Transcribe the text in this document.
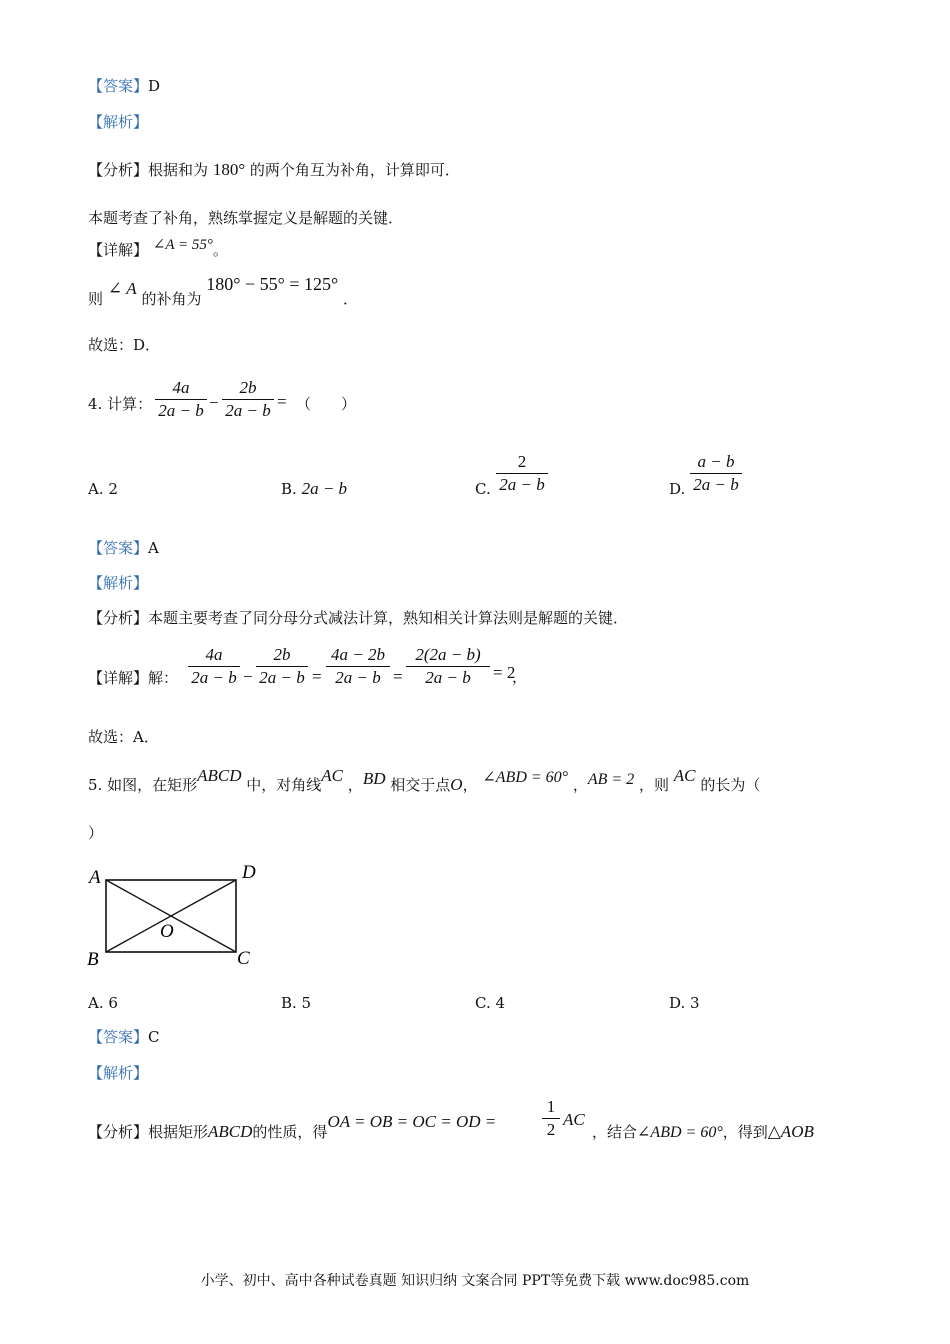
【答案】D
【解析】
【分析】根据和为 180° 的两个角互为补角，计算即可．
本题考查了补角，熟练掌握定义是解题的关键．
【详解】 ∠A = 55°。
则 ∠ A 的补角为 180° − 55° = 125° ．
故选：D．
4. 计算： $\frac{4a}{2a - b} - \frac{2b}{2a - b}$ = （　　）
A. 2	B. 2a − b	C. $\frac{2}{2a - b}$	D. $\frac{a - b}{2a - b}$
【答案】A
【解析】
【分析】本题主要考查了同分母分式减法计算，熟知相关计算法则是解题的关键．
【详解】解： $\frac{4a}{2a - b} - \frac{2b}{2a - b} = \frac{4a - 2b}{2a - b} = \frac{2(2a - b)}{2a - b} = 2$
，
故选：A．
5. 如图，在矩形ABCD 中，对角线AC ，BD 相交于点O， ∠ABD = 60° ，AB = 2 ，则 AC 的长为（
）
A	D
B	C
O
A. 6	B. 5	C. 4	D. 3
【答案】C
【解析】
【分析】根据矩形ABCD的性质，得OA = OB = OC = OD =	$\frac{1}{2}$ AC
，结合∠ABD = 60°，得到△AOB
小学、初中、高中各种试卷真题 知识归纳 文案合同 PPT等免费下载 www.doc985.com
